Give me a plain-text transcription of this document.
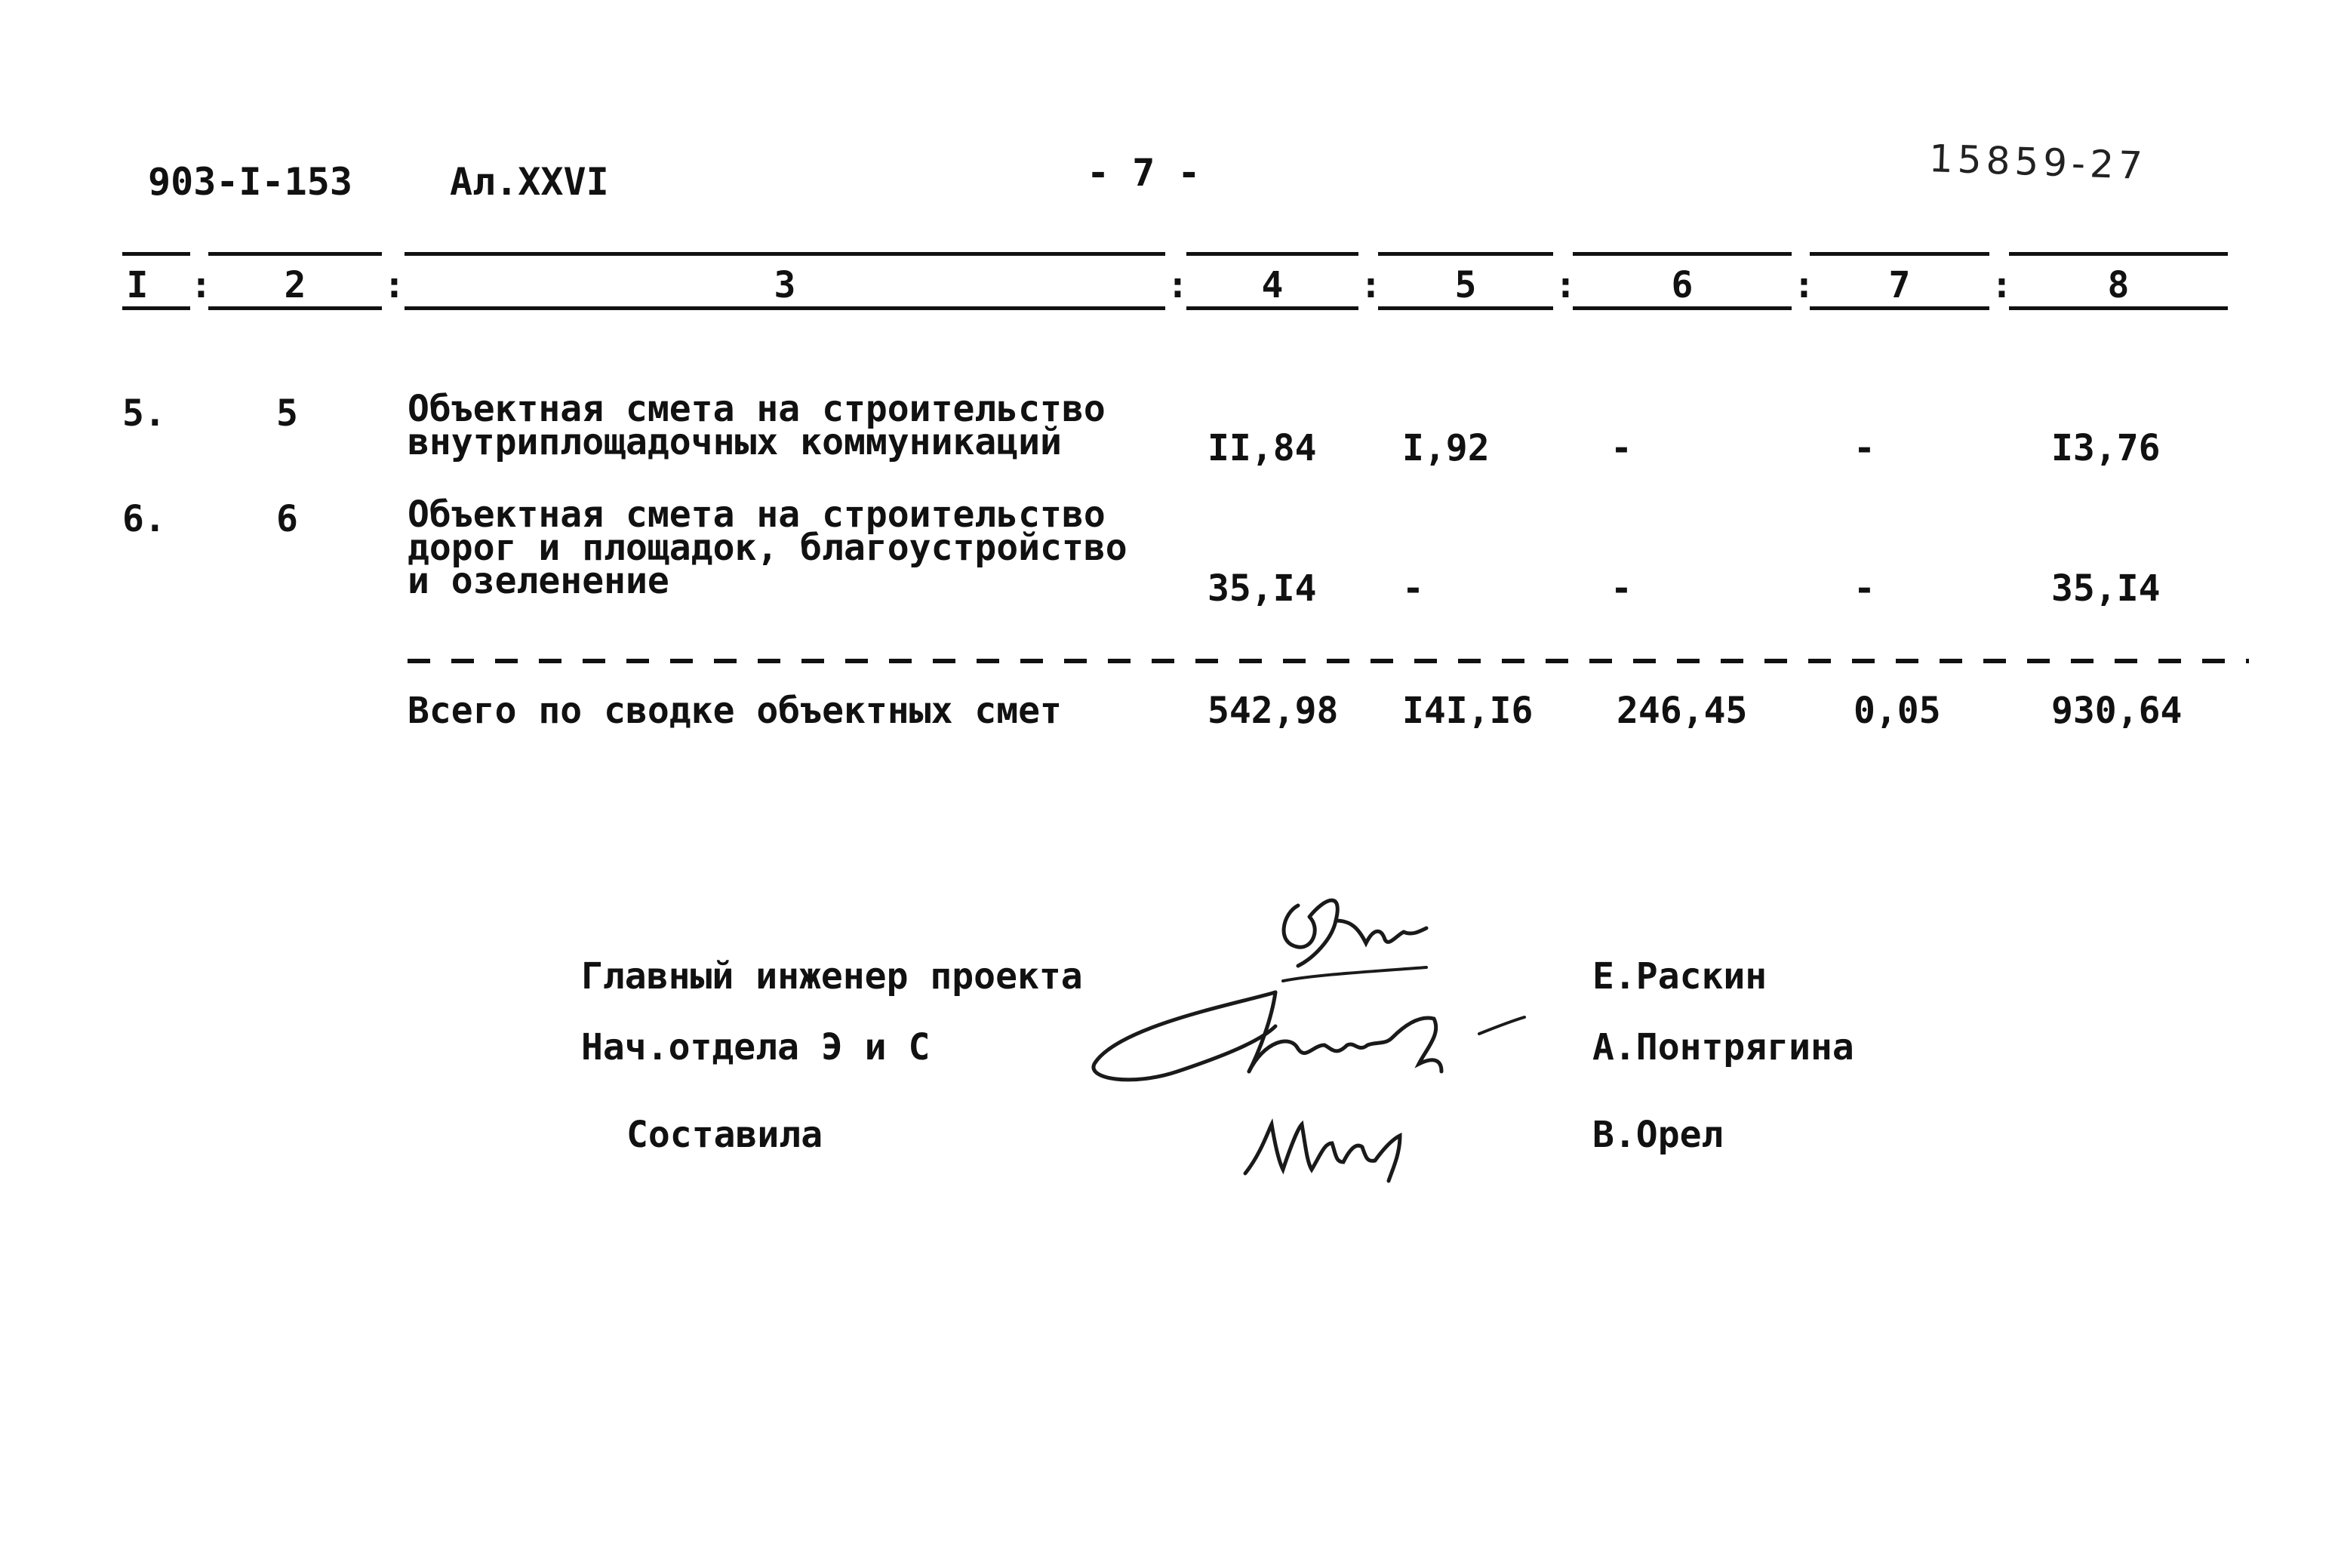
903-I-153	Ал.XXVI	- 7 -	15859-27
I :	2	:	3	:	4	:	5	:	6	:	7	:	8
5.	5	Объектная смета на строительство
внутриплощадочных коммуникаций	II,84 I,92	-	-	I3,76
6.	6	Объектная смета на строительство
дорог и площадок, благоустройство
и озеленение	35,I4 -	-	-	35,I4
Всего по сводке объектных смет	542,98 I4I,I6 246,45	0,05	930,64
Главный инженер проекта	Е.Раскин
Нач.отдела Э и С	А.Понтрягина
Составила	В.Орел
